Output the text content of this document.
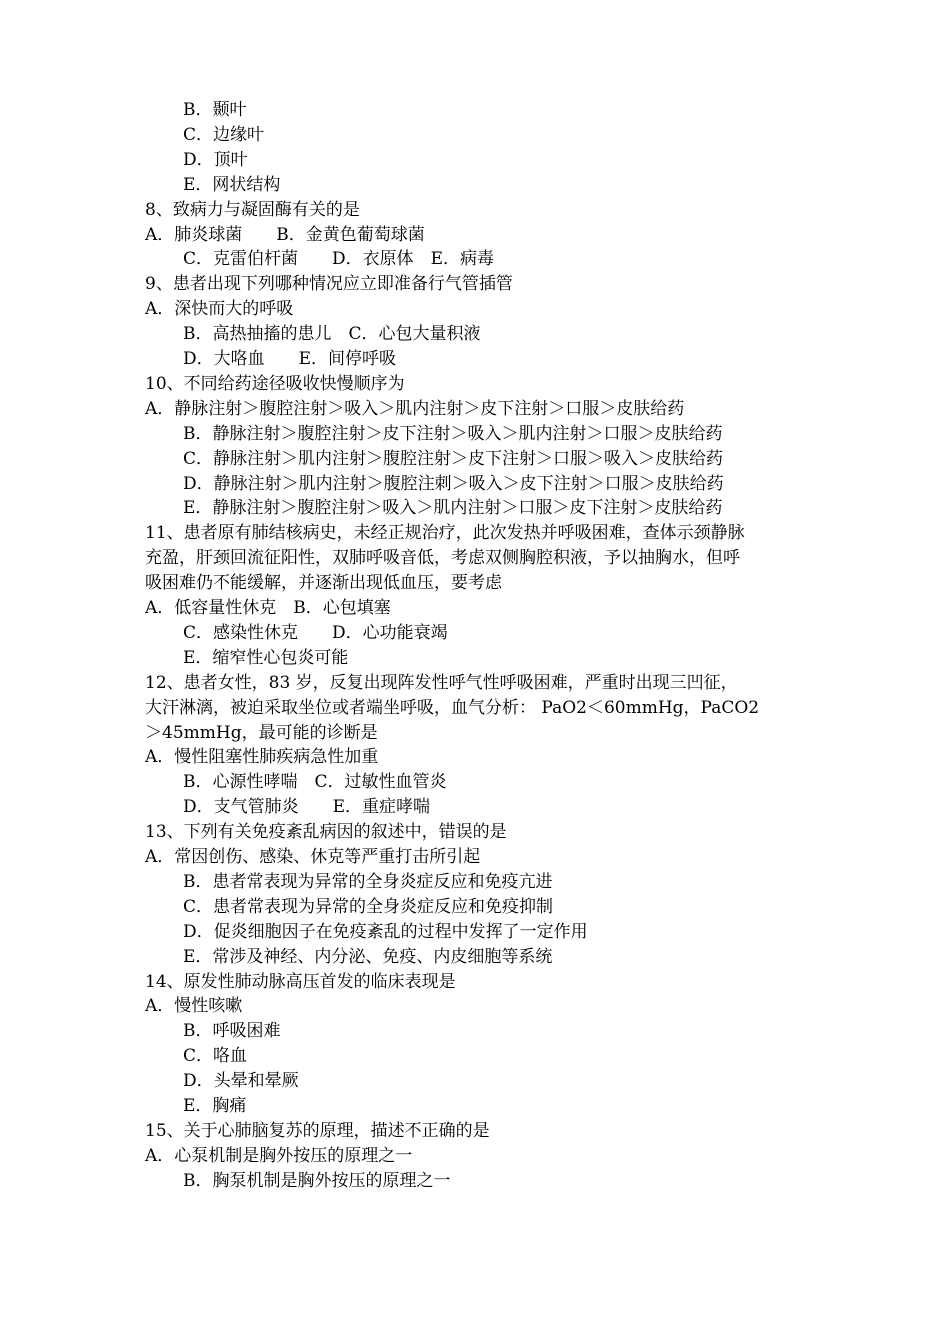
B．颞叶
C．边缘叶
D．顶叶
E．网状结构
8、致病力与凝固酶有关的是
A．肺炎球菌　　B．金黄色葡萄球菌
C．克雷伯杆菌　　D．衣原体　E．病毒
9、患者出现下列哪种情况应立即准备行气管插管
A．深快而大的呼吸
B．高热抽搐的患儿　C．心包大量积液
D．大咯血　　E．间停呼吸
10、不同给药途径吸收快慢顺序为
A．静脉注射＞腹腔注射＞吸入＞肌内注射＞皮下注射＞口服＞皮肤给药
B．静脉注射＞腹腔注射＞皮下注射＞吸入＞肌内注射＞口服＞皮肤给药
C．静脉注射＞肌内注射＞腹腔注射＞皮下注射＞口服＞吸入＞皮肤给药
D．静脉注射＞肌内注射＞腹腔注刺＞吸入＞皮下注射＞口服＞皮肤给药
E．静脉注射＞腹腔注射＞吸入＞肌内注射＞口服＞皮下注射＞皮肤给药
11、患者原有肺结核病史，未经正规治疗，此次发热并呼吸困难，查体示颈静脉
充盈，肝颈回流征阳性，双肺呼吸音低，考虑双侧胸腔积液，予以抽胸水，但呼
吸困难仍不能缓解，并逐渐出现低血压，要考虑
A．低容量性休克　B．心包填塞
C．感染性休克　　D．心功能衰竭
E．缩窄性心包炎可能
12、患者女性，83 岁，反复出现阵发性呼气性呼吸困难，严重时出现三凹征，
大汗淋漓，被迫采取坐位或者端坐呼吸，血气分析： PaO2＜60mmHg，PaCO2
＞45mmHg，最可能的诊断是
A．慢性阻塞性肺疾病急性加重
B．心源性哮喘　C．过敏性血管炎
D．支气管肺炎　　E．重症哮喘
13、下列有关免疫紊乱病因的叙述中，错误的是
A．常因创伤、感染、休克等严重打击所引起
B．患者常表现为异常的全身炎症反应和免疫亢进
C．患者常表现为异常的全身炎症反应和免疫抑制
D．促炎细胞因子在免疫紊乱的过程中发挥了一定作用
E．常涉及神经、内分泌、免疫、内皮细胞等系统
14、原发性肺动脉高压首发的临床表现是
A．慢性咳嗽
B．呼吸困难
C．咯血
D．头晕和晕厥
E．胸痛
15、关于心肺脑复苏的原理，描述不正确的是
A．心泵机制是胸外按压的原理之一
B．胸泵机制是胸外按压的原理之一
